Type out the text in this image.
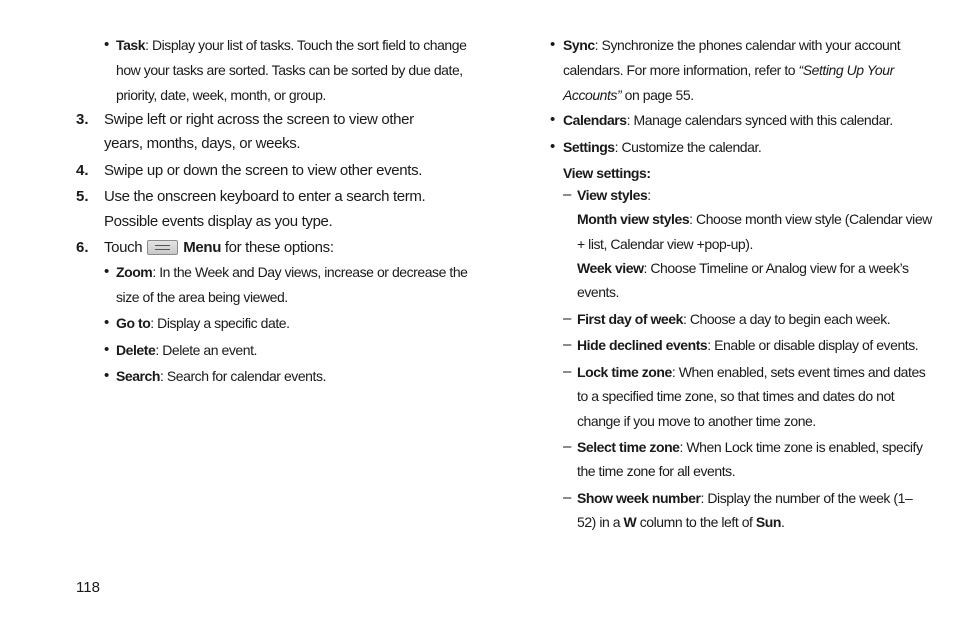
• Task: Display your list of tasks. Touch the sort field to change
how your tasks are sorted. Tasks can be sorted by due date,
priority, date, week, month, or group.
3. Swipe left or right across the screen to view other
years, months, days, or weeks.
4. Swipe up or down the screen to view other events.
5. Use the onscreen keyboard to enter a search term.
Possible events display as you type.
6. Touch	Menu for these options:
• Zoom: In the Week and Day views, increase or decrease the
size of the area being viewed.
• Go to: Display a specific date.
• Delete: Delete an event.
• Search: Search for calendar events.
• Sync: Synchronize the phones calendar with your account
calendars. For more information, refer to “Setting Up Your
Accounts” on page 55.
• Calendars: Manage calendars synced with this calendar.
• Settings: Customize the calendar.
View settings:
– View styles:
Month view styles: Choose month view style (Calendar view
+ list, Calendar view +pop-up).
Week view: Choose Timeline or Analog view for a week’s
events.
– First day of week: Choose a day to begin each week.
– Hide declined events: Enable or disable display of events.
– Lock time zone: When enabled, sets event times and dates
to a specified time zone, so that times and dates do not
change if you move to another time zone.
– Select time zone: When Lock time zone is enabled, specify
the time zone for all events.
– Show week number: Display the number of the week (1–
52) in a W column to the left of Sun.
118
